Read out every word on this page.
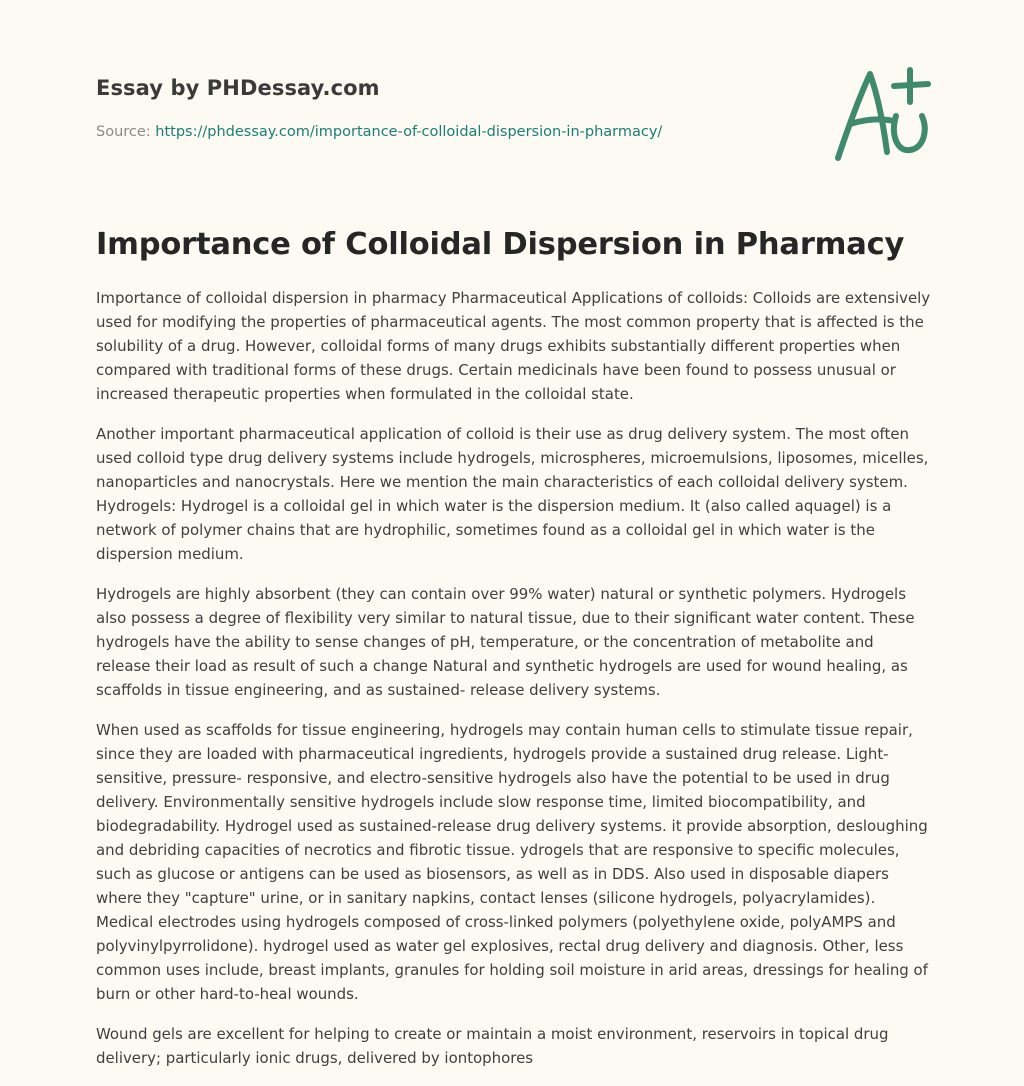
Essay by PHDessay.com
Source: https://phdessay.com/importance-of-colloidal-dispersion-in-pharmacy/
Importance of Colloidal Dispersion in Pharmacy

Importance of colloidal dispersion in pharmacy Pharmaceutical Applications of colloids: Colloids are extensively used for modifying the properties of pharmaceutical agents. The most common property that is affected is the solubility of a drug. However, colloidal forms of many drugs exhibits substantially different properties when compared with traditional forms of these drugs. Certain medicinals have been found to possess unusual or increased therapeutic properties when formulated in the colloidal state.

Another important pharmaceutical application of colloid is their use as drug delivery system. The most often used colloid type drug delivery systems include hydrogels, microspheres, microemulsions, liposomes, micelles, nanoparticles and nanocrystals. Here we mention the main characteristics of each colloidal delivery system. Hydrogels: Hydrogel is a colloidal gel in which water is the dispersion medium. It (also called aquagel) is a network of polymer chains that are hydrophilic, sometimes found as a colloidal gel in which water is the dispersion medium.

Hydrogels are highly absorbent (they can contain over 99% water) natural or synthetic polymers. Hydrogels also possess a degree of flexibility very similar to natural tissue, due to their significant water content. These hydrogels have the ability to sense changes of pH, temperature, or the concentration of metabolite and release their load as result of such a change Natural and synthetic hydrogels are used for wound healing, as scaffolds in tissue engineering, and as sustained- release delivery systems.

When used as scaffolds for tissue engineering, hydrogels may contain human cells to stimulate tissue repair, since they are loaded with pharmaceutical ingredients, hydrogels provide a sustained drug release. Light-sensitive, pressure- responsive, and electro-sensitive hydrogels also have the potential to be used in drug delivery. Environmentally sensitive hydrogels include slow response time, limited biocompatibility, and biodegradability. Hydrogel used as sustained-release drug delivery systems. it provide absorption, desloughing and debriding capacities of necrotics and fibrotic tissue. ydrogels that are responsive to specific molecules, such as glucose or antigens can be used as biosensors, as well as in DDS. Also used in disposable diapers where they "capture" urine, or in sanitary napkins, contact lenses (silicone hydrogels, polyacrylamides). Medical electrodes using hydrogels composed of cross-linked polymers (polyethylene oxide, polyAMPS and polyvinylpyrrolidone). hydrogel used as water gel explosives, rectal drug delivery and diagnosis. Other, less common uses include, breast implants, granules for holding soil moisture in arid areas, dressings for healing of burn or other hard-to-heal wounds.

Wound gels are excellent for helping to create or maintain a moist environment, reservoirs in topical drug delivery; particularly ionic drugs, delivered by iontophores
